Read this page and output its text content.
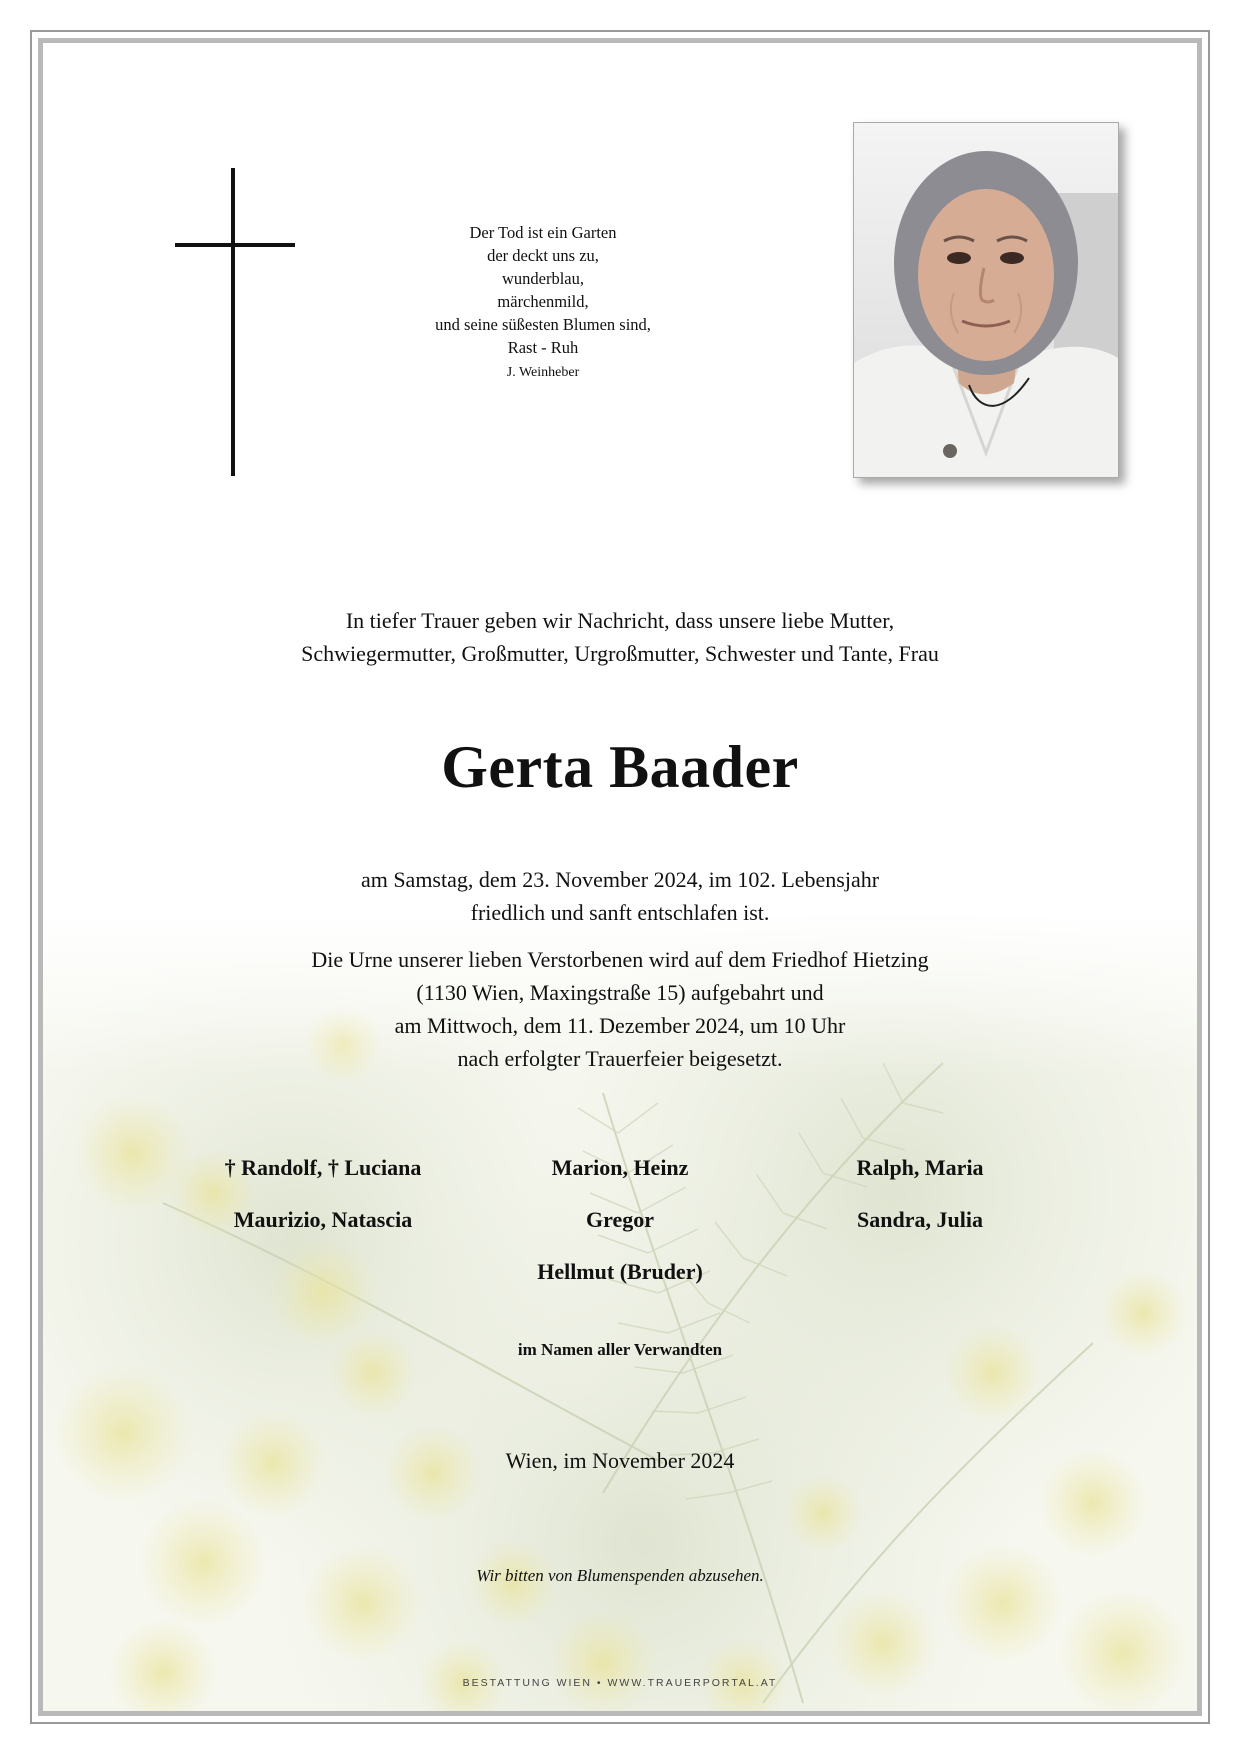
Der Tod ist ein Garten
der deckt uns zu,
wunderblau,
märchenmild,
und seine süßesten Blumen sind,
Rast - Ruh
J. Weinheber
In tiefer Trauer geben wir Nachricht, dass unsere liebe Mutter,
Schwiegermutter, Großmutter, Urgroßmutter, Schwester und Tante, Frau
Gerta Baader
am Samstag, dem 23. November 2024, im 102. Lebensjahr
friedlich und sanft entschlafen ist.
Die Urne unserer lieben Verstorbenen wird auf dem Friedhof Hietzing
(1130 Wien, Maxingstraße 15) aufgebahrt und
am Mittwoch, dem 11. Dezember 2024, um 10 Uhr
nach erfolgter Trauerfeier beigesetzt.
† Randolf, † Luciana	Marion, Heinz	Ralph, Maria
Maurizio, Natascia	Gregor	Sandra, Julia
Hellmut (Bruder)
im Namen aller Verwandten
Wien, im November 2024
Wir bitten von Blumenspenden abzusehen.
BESTATTUNG WIEN • WWW.TRAUERPORTAL.AT
